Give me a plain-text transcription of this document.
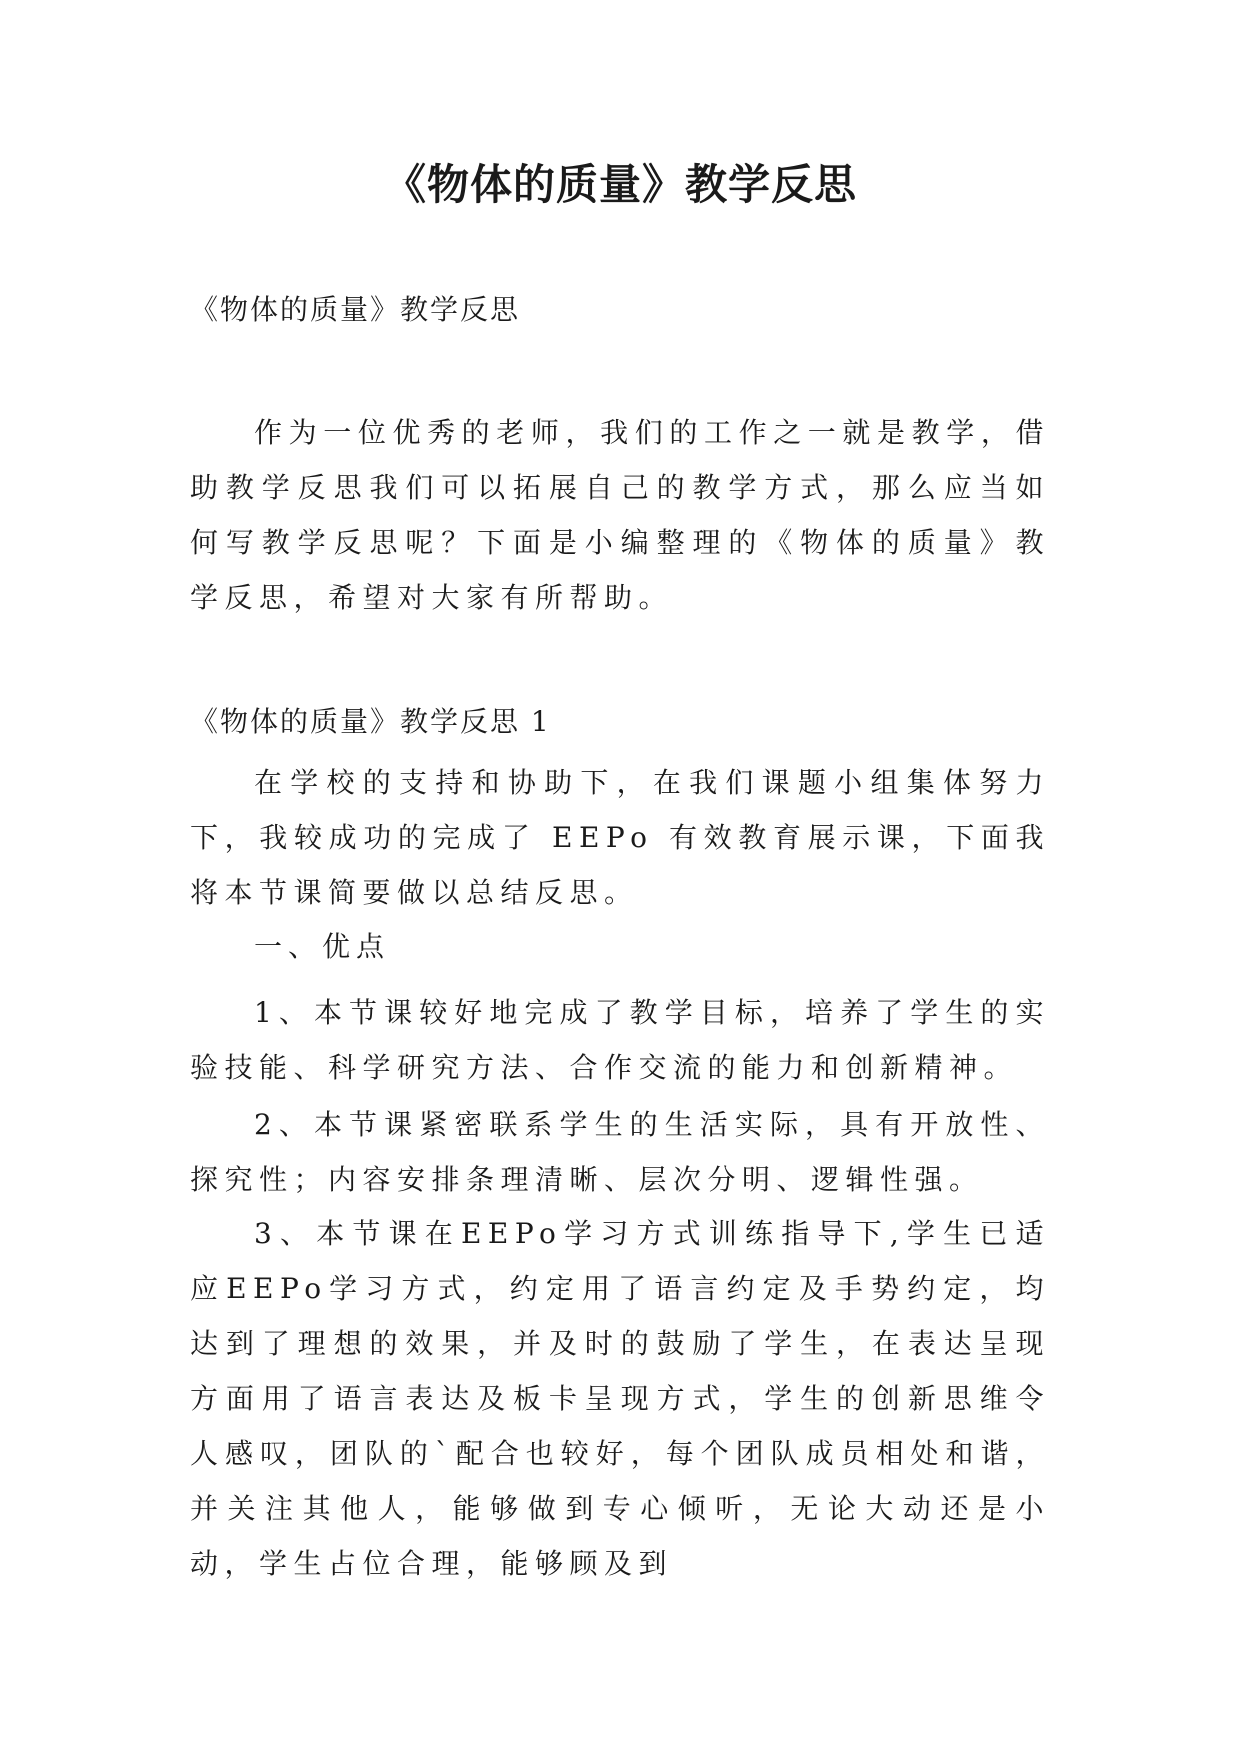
《物体的质量》教学反思

《物体的质量》教学反思

作为一位优秀的老师，我们的工作之一就是教学，借助教学反思我们可以拓展自己的教学方式，那么应当如何写教学反思呢？下面是小编整理的《物体的质量》教学反思，希望对大家有所帮助。

《物体的质量》教学反思 1

在学校的支持和协助下，在我们课题小组集体努力下，我较成功的完成了 EEPo 有效教育展示课，下面我将本节课简要做以总结反思。

一、优点

1、本节课较好地完成了教学目标，培养了学生的实验技能、科学研究方法、合作交流的能力和创新精神。

2、本节课紧密联系学生的生活实际，具有开放性、探究性；内容安排条理清晰、层次分明、逻辑性强。

3、本节课在EEPo学习方式训练指导下,学生已适应EEPo学习方式，约定用了语言约定及手势约定，均达到了理想的效果，并及时的鼓励了学生，在表达呈现方面用了语言表达及板卡呈现方式，学生的创新思维令人感叹，团队的`配合也较好，每个团队成员相处和谐，并关注其他人，能够做到专心倾听，无论大动还是小动，学生占位合理，能够顾及到
